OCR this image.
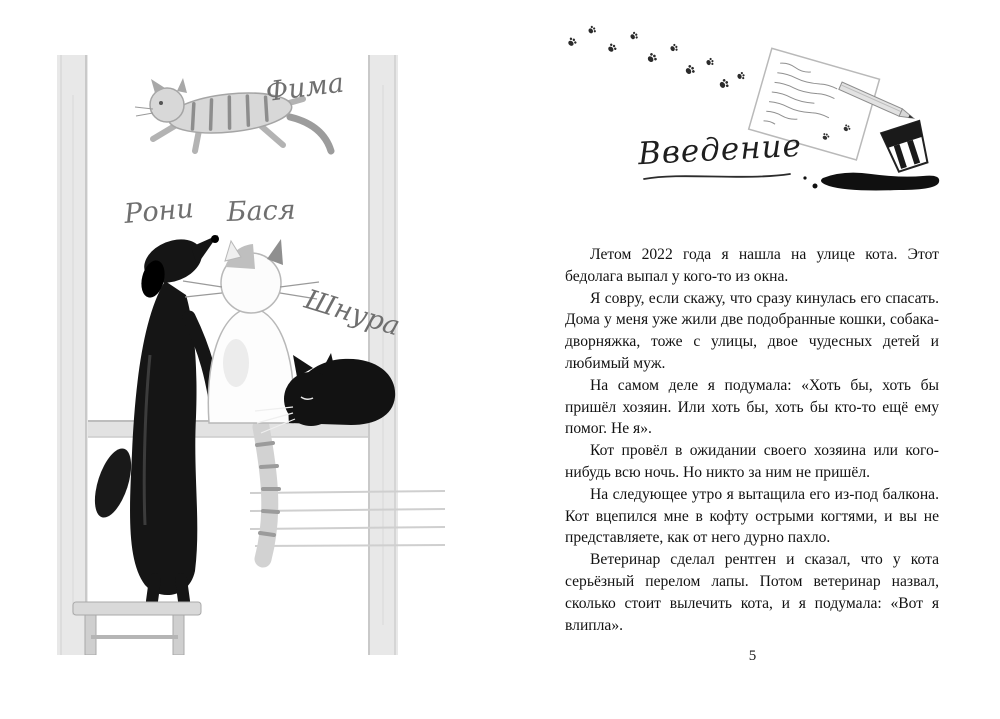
Фима
Рони Бася
Шнура
Введение

Летом 2022 года я нашла на улице кота. Этот бедолага выпал у кого-то из окна.

Я совру, если скажу, что сразу кинулась его спасать. Дома у меня уже жили две подобранные кошки, собака-дворняжка, тоже с улицы, двое чудесных детей и любимый муж.

На самом деле я подумала: «Хоть бы, хоть бы пришёл хозяин. Или хоть бы, хоть бы кто-то ещё ему помог. Не я».

Кот провёл в ожидании своего хозяина или кого-нибудь всю ночь. Но никто за ним не пришёл.

На следующее утро я вытащила его из-под балкона. Кот вцепился мне в кофту острыми когтями, и вы не представляете, как от него дурно пахло.

Ветеринар сделал рентген и сказал, что у кота серьёзный перелом лапы. Потом ветеринар назвал, сколько стоит вылечить кота, и я подумала: «Вот я влипла».

5
